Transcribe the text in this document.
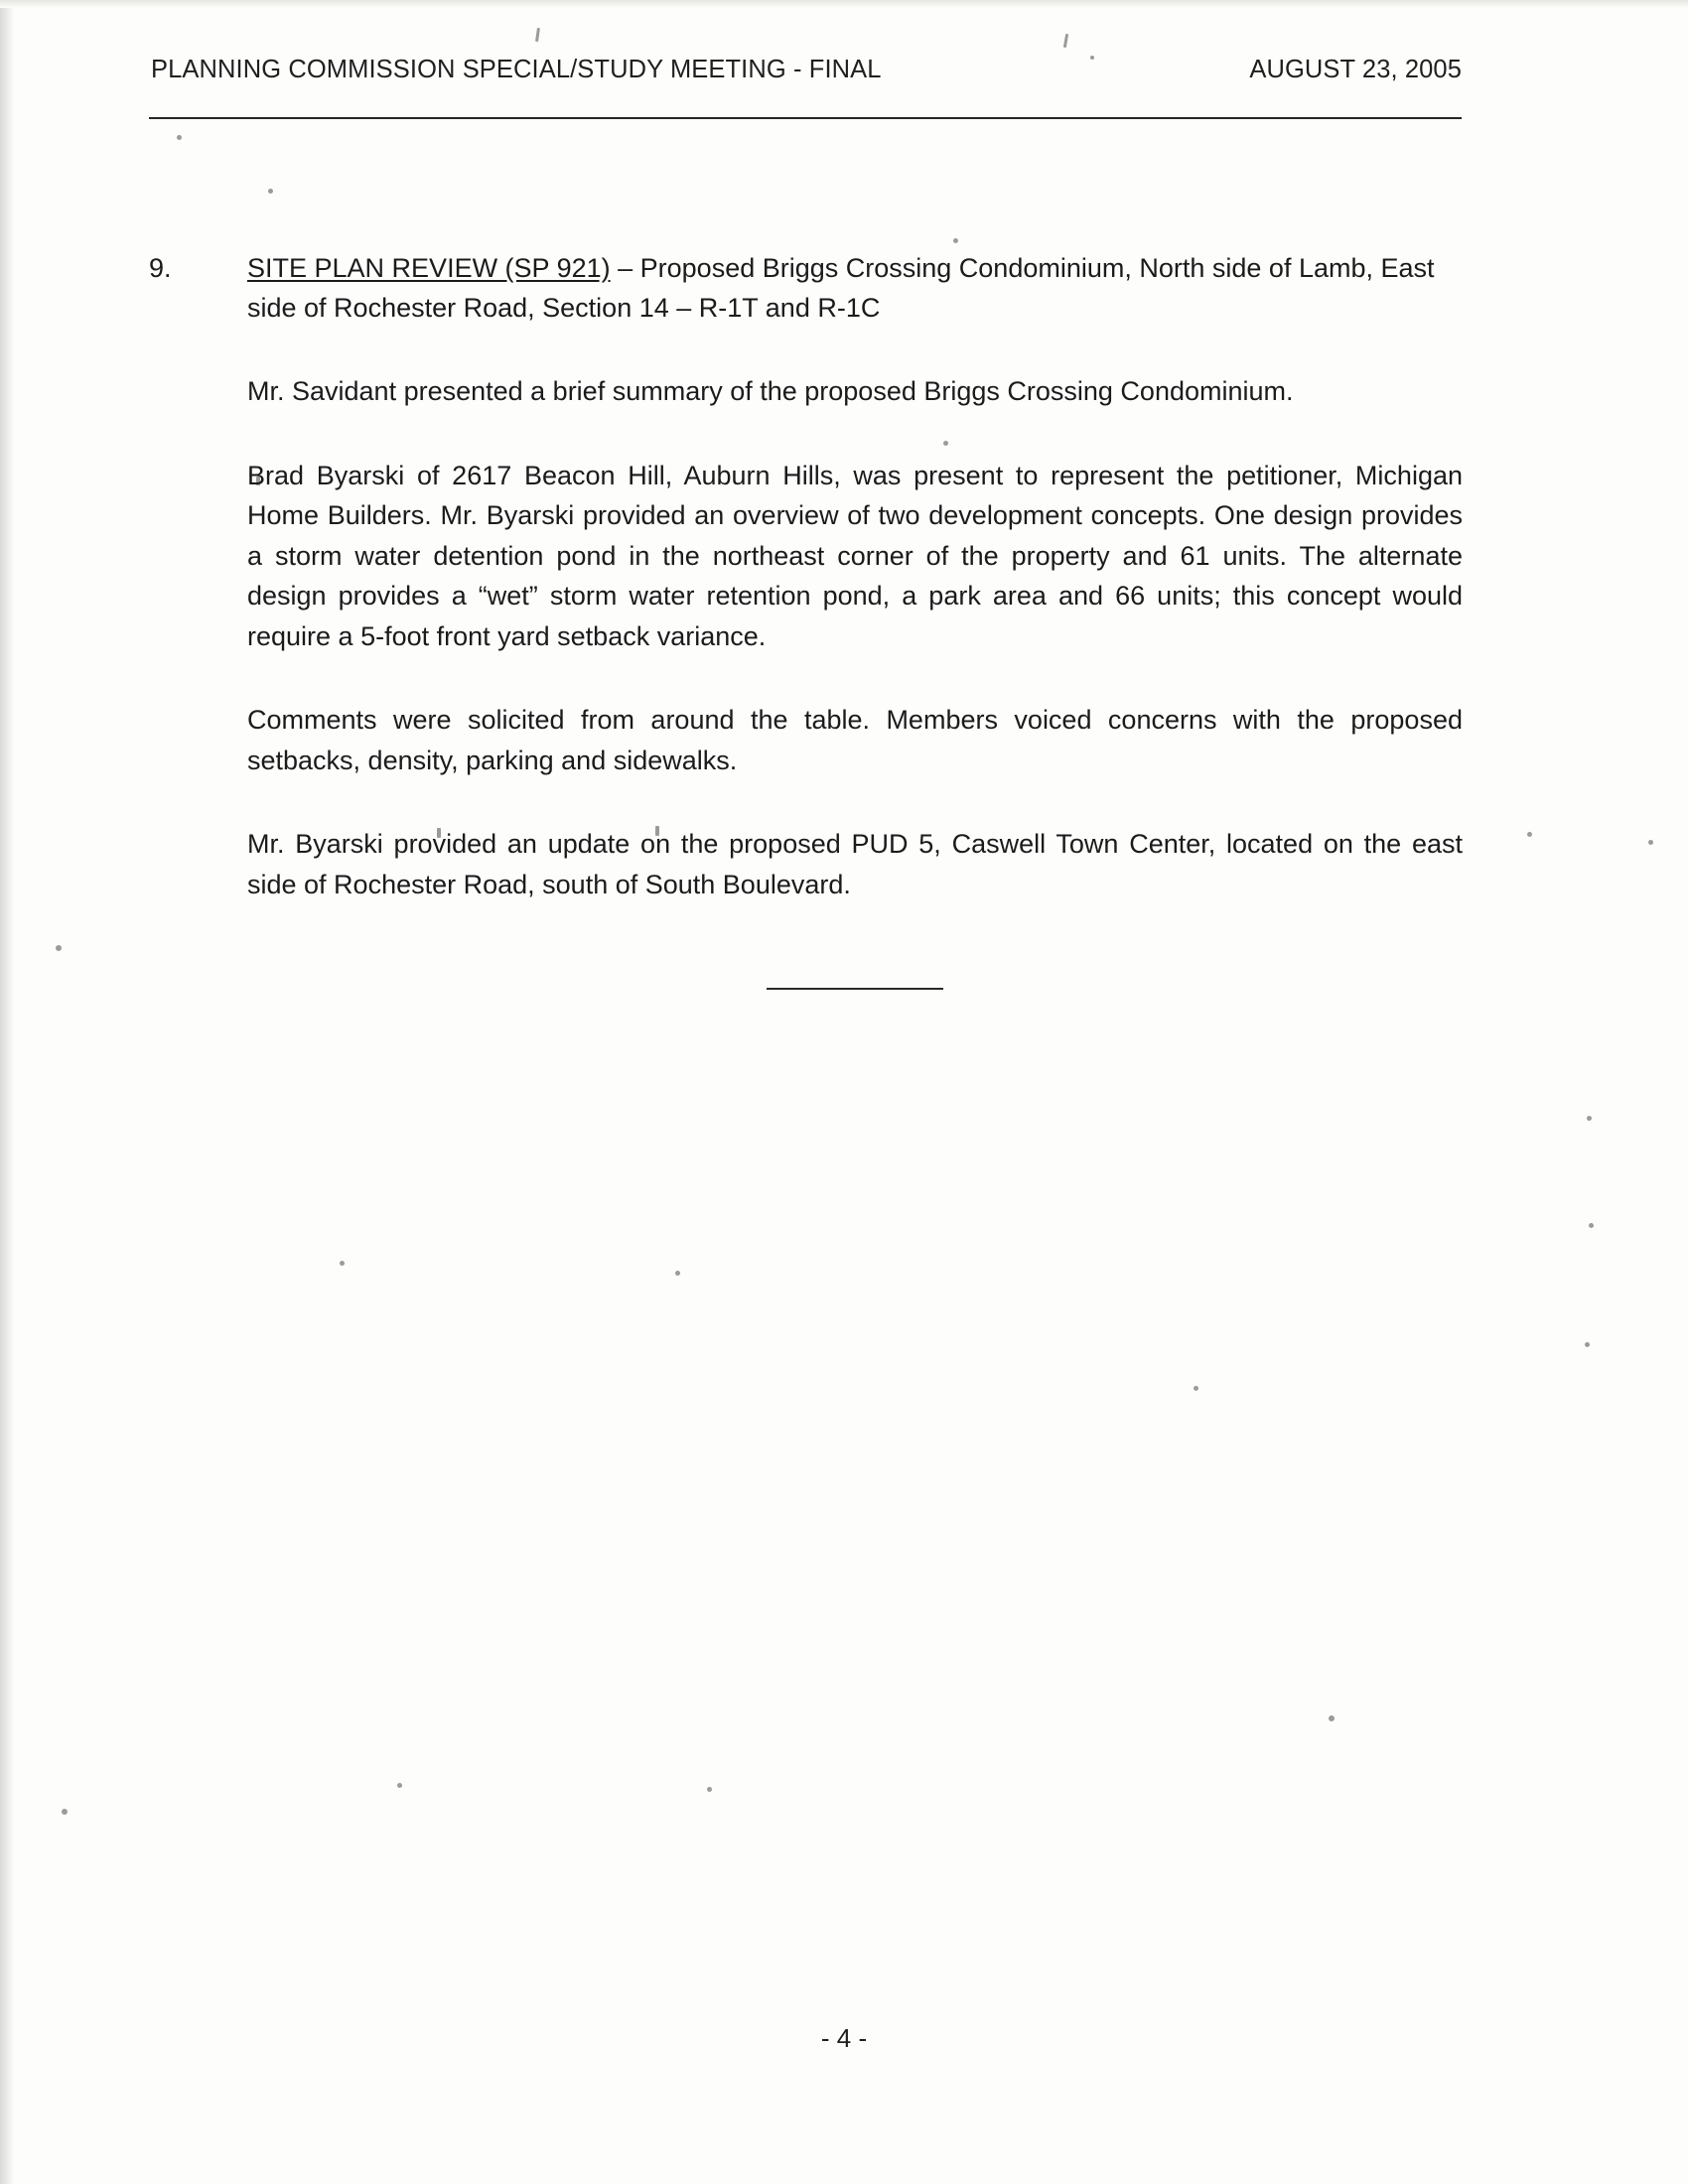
PLANNING COMMISSION SPECIAL/STUDY MEETING - FINAL	AUGUST 23, 2005
9.	SITE PLAN REVIEW (SP 921) – Proposed Briggs Crossing Condominium, North side of Lamb, East side of Rochester Road, Section 14 – R-1T and R-1C

Mr. Savidant presented a brief summary of the proposed Briggs Crossing Condominium.

Brad Byarski of 2617 Beacon Hill, Auburn Hills, was present to represent the petitioner, Michigan Home Builders. Mr. Byarski provided an overview of two development concepts. One design provides a storm water detention pond in the northeast corner of the property and 61 units. The alternate design provides a “wet” storm water retention pond, a park area and 66 units; this concept would require a 5-foot front yard setback variance.

Comments were solicited from around the table. Members voiced concerns with the proposed setbacks, density, parking and sidewalks.

Mr. Byarski provided an update on the proposed PUD 5, Caswell Town Center, located on the east side of Rochester Road, south of South Boulevard.

- 4 -
